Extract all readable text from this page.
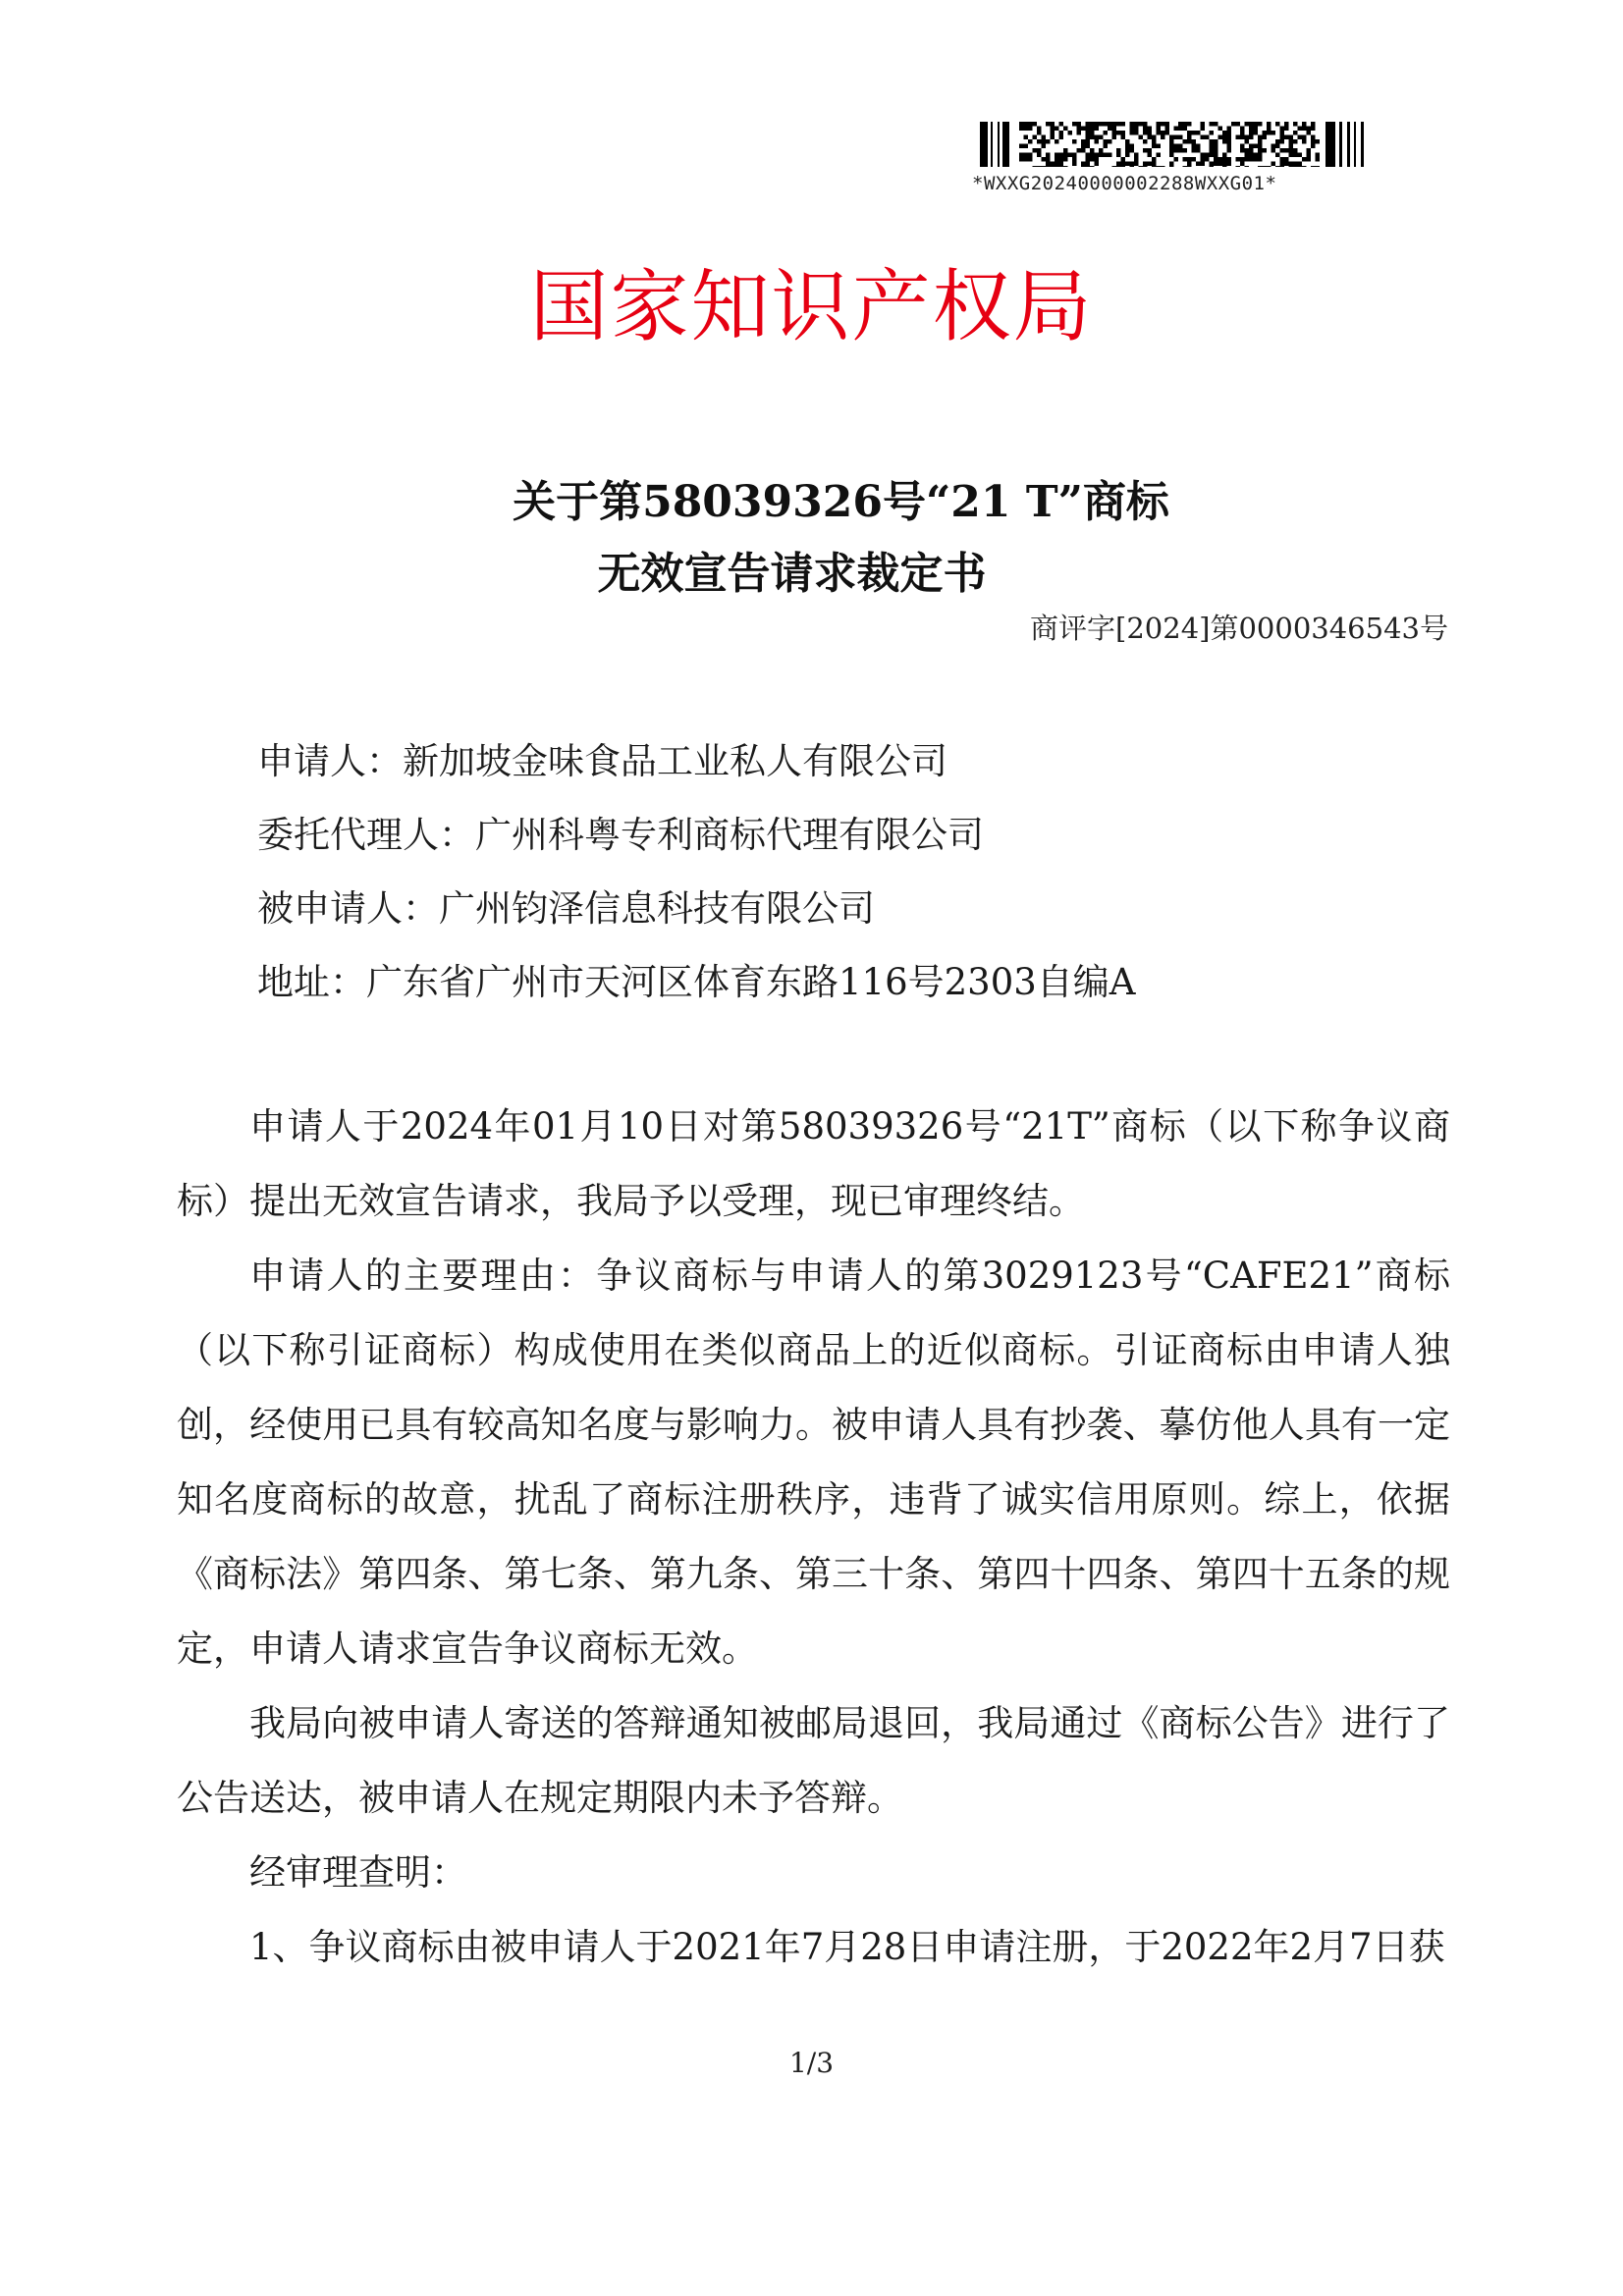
*WXXG20240000002288WXXG01*
国家知识产权局
关于第58039326号“21 T”商标
无效宣告请求裁定书
商评字[2024]第0000346543号
申请人：新加坡金味食品工业私人有限公司
委托代理人：广州科粤专利商标代理有限公司
被申请人：广州钧泽信息科技有限公司
地址：广东省广州市天河区体育东路116号2303自编A

申请人于2024年01月10日对第58039326号“21T”商标（以下称争议商标）提出无效宣告请求，我局予以受理，现已审理终结。

申请人的主要理由：争议商标与申请人的第3029123号“CAFE21”商标（以下称引证商标）构成使用在类似商品上的近似商标。引证商标由申请人独创，经使用已具有较高知名度与影响力。被申请人具有抄袭、摹仿他人具有一定知名度商标的故意，扰乱了商标注册秩序，违背了诚实信用原则。综上，依据《商标法》第四条、第七条、第九条、第三十条、第四十四条、第四十五条的规定，申请人请求宣告争议商标无效。

我局向被申请人寄送的答辩通知被邮局退回，我局通过《商标公告》进行了公告送达，被申请人在规定期限内未予答辩。

经审理查明：

1、争议商标由被申请人于2021年7月28日申请注册，于2022年2月7日获

1/3
